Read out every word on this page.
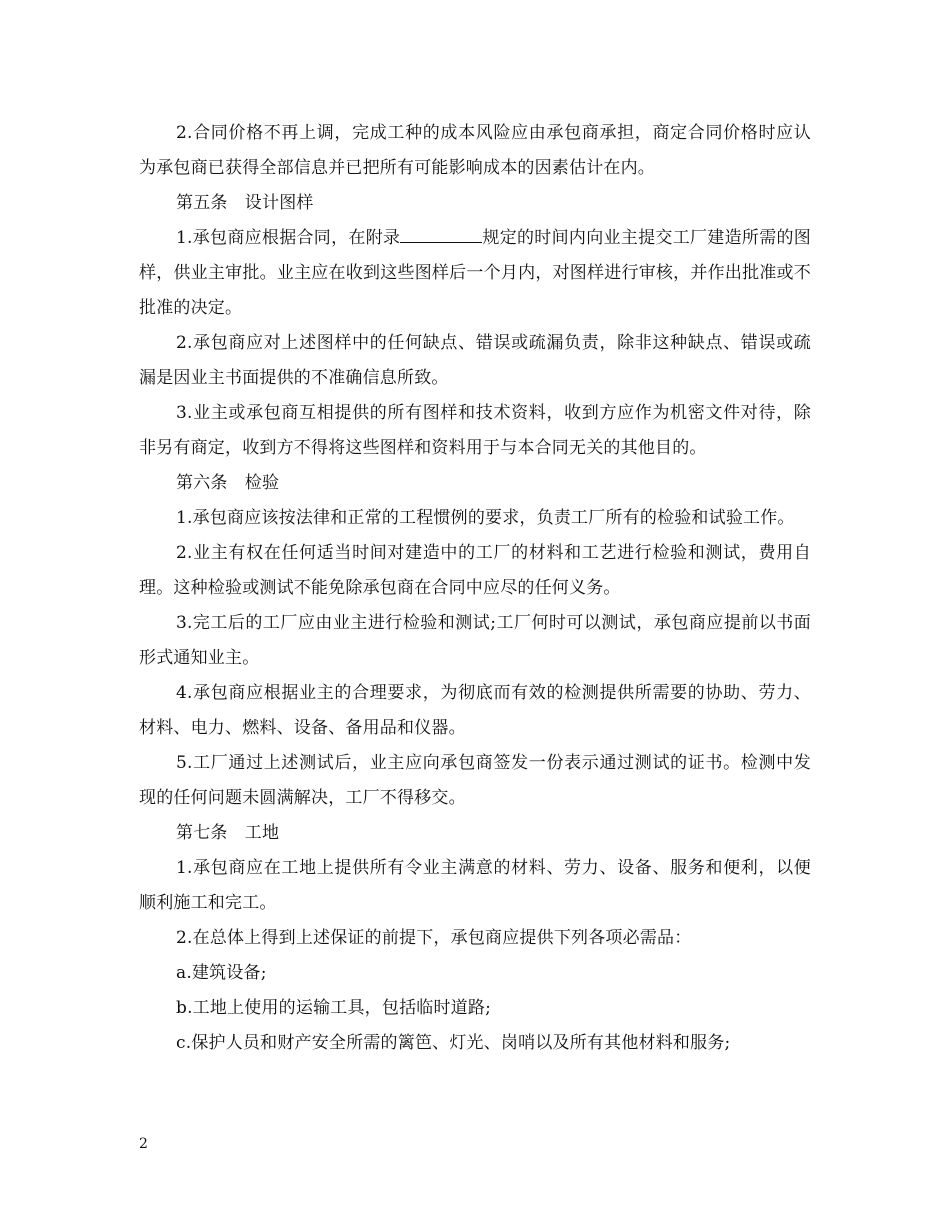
2.合同价格不再上调，完成工种的成本风险应由承包商承担，商定合同价格时应认为承包商已获得全部信息并已把所有可能影响成本的因素估计在内。

第五条　设计图样

1.承包商应根据合同，在附录	规定的时间内向业主提交工厂建造所需的图样，供业主审批。业主应在收到这些图样后一个月内，对图样进行审核，并作出批准或不批准的决定。

2.承包商应对上述图样中的任何缺点、错误或疏漏负责，除非这种缺点、错误或疏漏是因业主书面提供的不准确信息所致。

3.业主或承包商互相提供的所有图样和技术资料，收到方应作为机密文件对待，除非另有商定，收到方不得将这些图样和资料用于与本合同无关的其他目的。

第六条　检验

1.承包商应该按法律和正常的工程惯例的要求，负责工厂所有的检验和试验工作。

2.业主有权在任何适当时间对建造中的工厂的材料和工艺进行检验和测试，费用自理。这种检验或测试不能免除承包商在合同中应尽的任何义务。

3.完工后的工厂应由业主进行检验和测试;工厂何时可以测试，承包商应提前以书面形式通知业主。

4.承包商应根据业主的合理要求，为彻底而有效的检测提供所需要的协助、劳力、材料、电力、燃料、设备、备用品和仪器。

5.工厂通过上述测试后，业主应向承包商签发一份表示通过测试的证书。检测中发现的任何问题未圆满解决，工厂不得移交。

第七条　工地

1.承包商应在工地上提供所有令业主满意的材料、劳力、设备、服务和便利，以便顺利施工和完工。

2.在总体上得到上述保证的前提下，承包商应提供下列各项必需品：

a.建筑设备;

b.工地上使用的运输工具，包括临时道路;

c.保护人员和财产安全所需的篱笆、灯光、岗哨以及所有其他材料和服务;

2
